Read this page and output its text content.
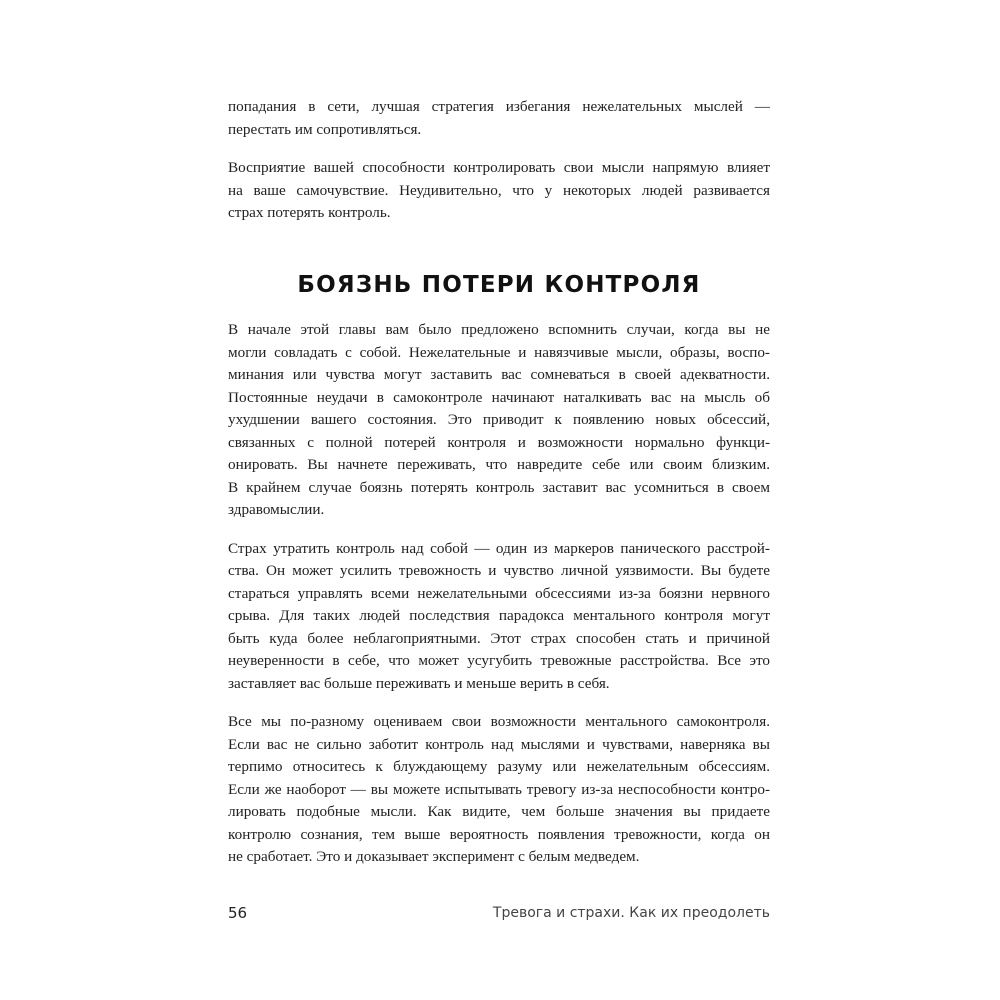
попадания в сети, лучшая стратегия избегания нежелательных мыслей —
перестать им сопротивляться.

Восприятие вашей способности контролировать свои мысли напрямую влияет
на ваше самочувствие. Неудивительно, что у некоторых людей развивается
страх потерять контроль.

БОЯЗНЬ ПОТЕРИ КОНТРОЛЯ

В начале этой главы вам было предложено вспомнить случаи, когда вы не
могли совладать с собой. Нежелательные и навязчивые мысли, образы, воспо-
минания или чувства могут заставить вас сомневаться в своей адекватности.
Постоянные неудачи в самоконтроле начинают наталкивать вас на мысль об
ухудшении вашего состояния. Это приводит к появлению новых обсессий,
связанных с полной потерей контроля и возможности нормально функци-
онировать. Вы начнете переживать, что навредите себе или своим близким.
В крайнем случае боязнь потерять контроль заставит вас усомниться в своем
здравомыслии.

Страх утратить контроль над собой — один из маркеров панического расстрой-
ства. Он может усилить тревожность и чувство личной уязвимости. Вы будете
стараться управлять всеми нежелательными обсессиями из-за боязни нервного
срыва. Для таких людей последствия парадокса ментального контроля могут
быть куда более неблагоприятными. Этот страх способен стать и причиной
неуверенности в себе, что может усугубить тревожные расстройства. Все это
заставляет вас больше переживать и меньше верить в себя.

Все мы по-разному оцениваем свои возможности ментального самоконтроля.
Если вас не сильно заботит контроль над мыслями и чувствами, наверняка вы
терпимо относитесь к блуждающему разуму или нежелательным обсессиям.
Если же наоборот — вы можете испытывать тревогу из-за неспособности контро-
лировать подобные мысли. Как видите, чем больше значения вы придаете
контролю сознания, тем выше вероятность появления тревожности, когда он
не сработает. Это и доказывает эксперимент с белым медведем.

56	Тревога и страхи. Как их преодолеть
